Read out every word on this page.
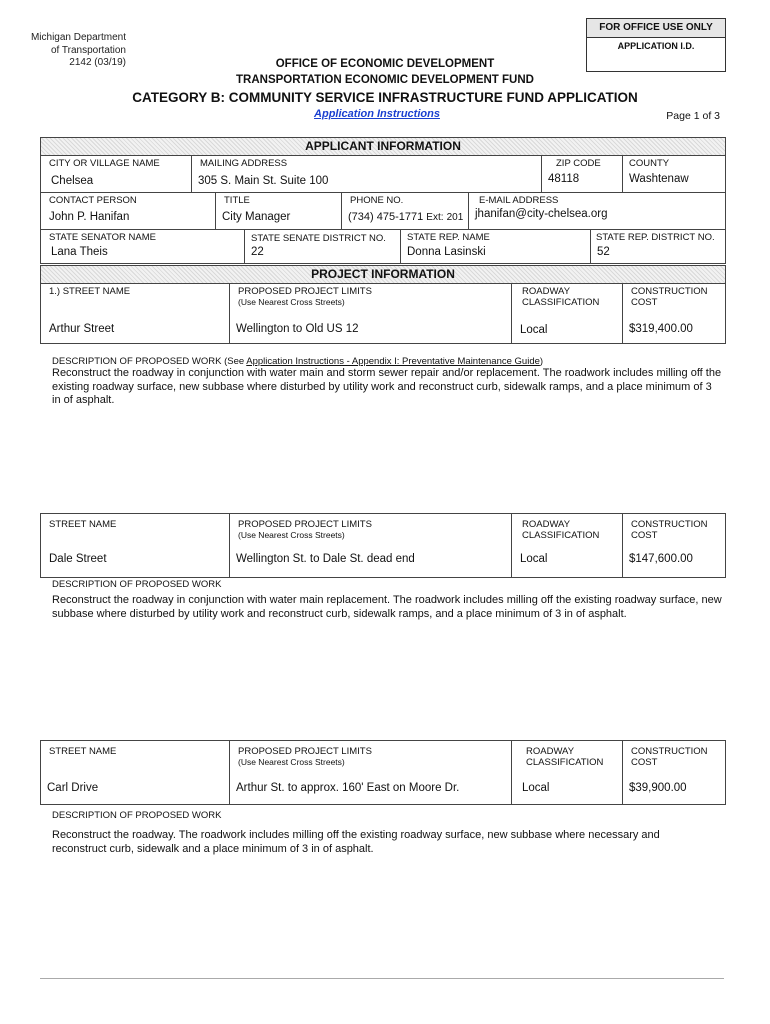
Michigan Department
of Transportation
2142 (03/19)
FOR OFFICE USE ONLY
APPLICATION I.D.
OFFICE OF ECONOMIC DEVELOPMENT
TRANSPORTATION ECONOMIC DEVELOPMENT FUND
CATEGORY B: COMMUNITY SERVICE INFRASTRUCTURE FUND APPLICATION
Application Instructions	Page 1 of 3
APPLICANT INFORMATION
CITY OR VILLAGE NAME
Chelsea
MAILING ADDRESS
305 S. Main St. Suite 100
ZIP CODE
48118
COUNTY
Washtenaw
CONTACT PERSON
John P. Hanifan
TITLE
City Manager
PHONE NO.
(734) 475-1771 Ext: 201
E-MAIL ADDRESS
jhanifan@city-chelsea.org
STATE SENATOR NAME
Lana Theis
STATE SENATE DISTRICT NO.
22
STATE REP. NAME
Donna Lasinski
STATE REP. DISTRICT NO.
52
PROJECT INFORMATION
1.) STREET NAME
Arthur Street
PROPOSED PROJECT LIMITS
(Use Nearest Cross Streets)
Wellington to Old US 12
ROADWAY
CLASSIFICATION
Local
CONSTRUCTION
COST
$319,400.00
DESCRIPTION OF PROPOSED WORK (See Application Instructions - Appendix I: Preventative Maintenance Guide)
Reconstruct the roadway in conjunction with water main and storm sewer repair and/or replacement. The roadwork includes milling off the existing roadway surface, new subbase where disturbed by utility work and reconstruct curb, sidewalk ramps, and a place minimum of 3 in of asphalt.
STREET NAME
Dale Street
PROPOSED PROJECT LIMITS
(Use Nearest Cross Streets)
Wellington St. to Dale St. dead end
ROADWAY
CLASSIFICATION
Local
CONSTRUCTION
COST
$147,600.00
DESCRIPTION OF PROPOSED WORK
Reconstruct the roadway in conjunction with water main replacement. The roadwork includes milling off the existing roadway surface, new subbase where disturbed by utility work and reconstruct curb, sidewalk ramps, and a place minimum of 3 in of asphalt.
STREET NAME
Carl Drive
PROPOSED PROJECT LIMITS
(Use Nearest Cross Streets)
Arthur St. to approx. 160' East on Moore Dr.
ROADWAY
CLASSIFICATION
Local
CONSTRUCTION
COST
$39,900.00
DESCRIPTION OF PROPOSED WORK
Reconstruct the roadway. The roadwork includes milling off the existing roadway surface, new subbase where necessary and reconstruct curb, sidewalk and a place minimum of 3 in of asphalt.
